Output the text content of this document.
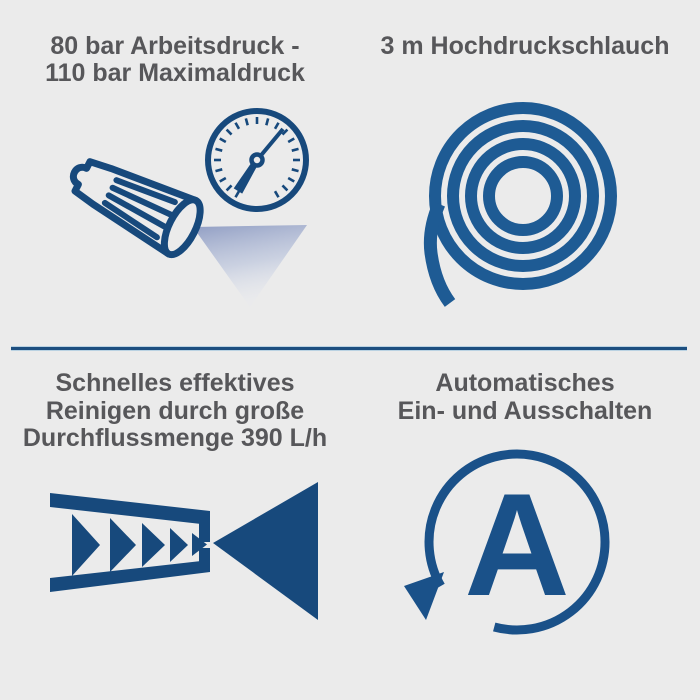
80 bar Arbeitsdruck -
110 bar Maximaldruck
3 m Hochdruckschlauch
Schnelles effektives
Reinigen durch große
Durchflussmenge 390 L/h
Automatisches
Ein- und Ausschalten
A
